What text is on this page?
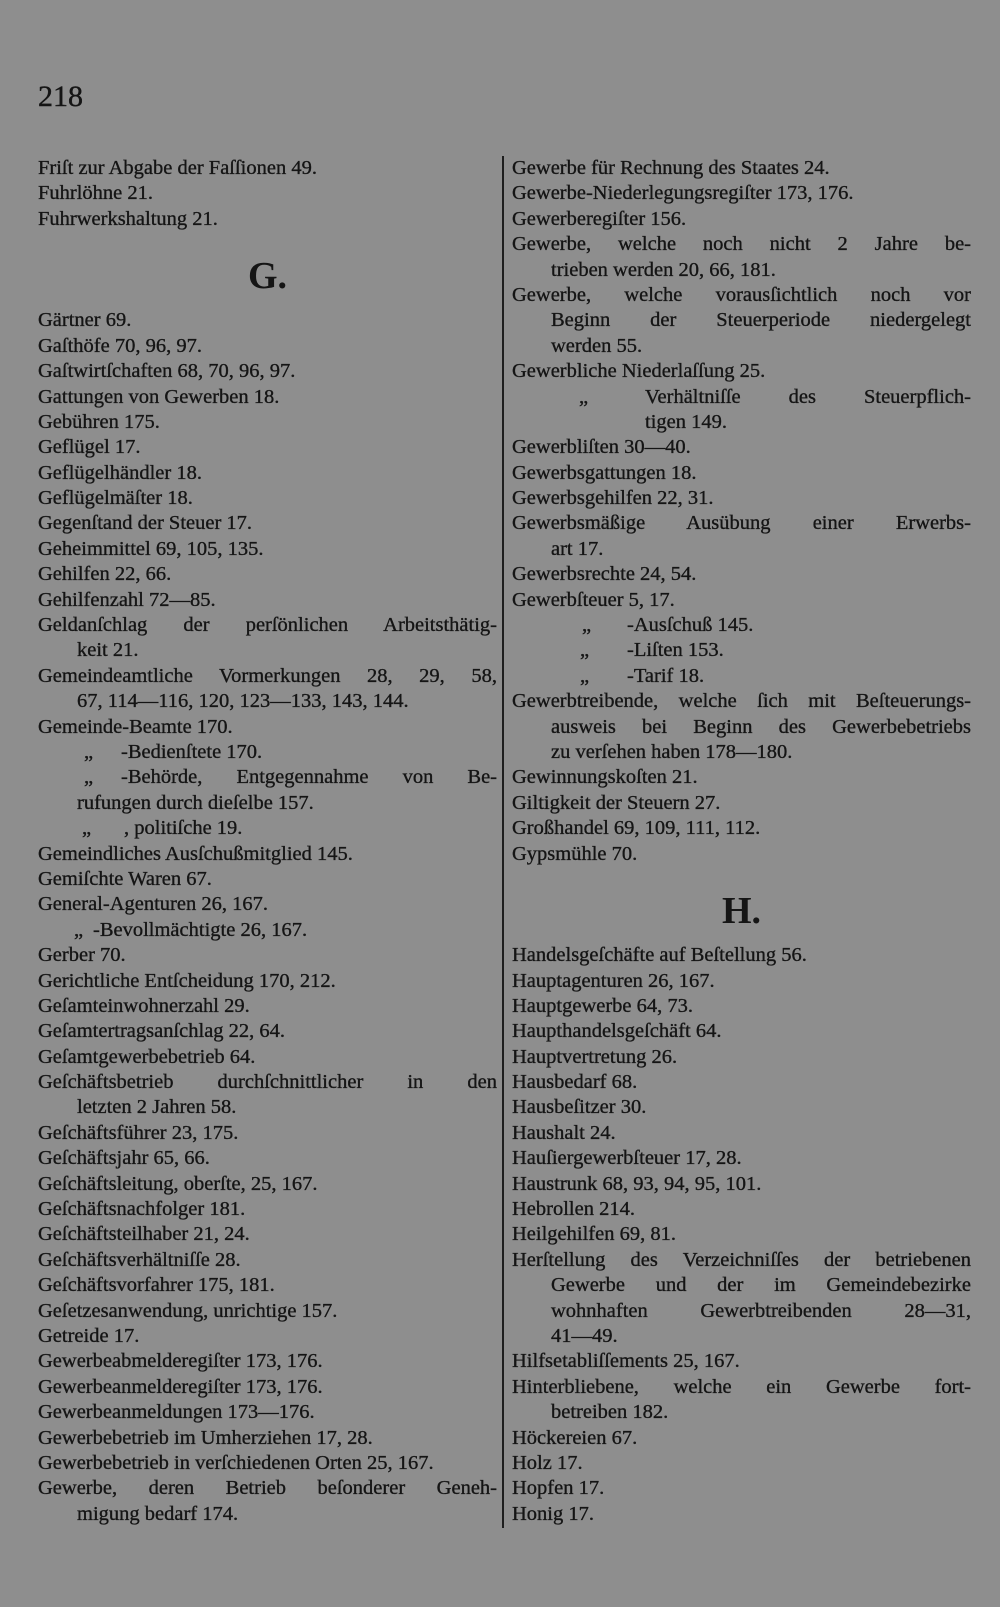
218
Friſt zur Abgabe der Faſſionen 49.
Fuhrlöhne 21.
Fuhrwerkshaltung 21.
G.
Gärtner 69.
Gaſthöfe 70, 96, 97.
Gaſtwirtſchaften 68, 70, 96, 97.
Gattungen von Gewerben 18.
Gebühren 175.
Geflügel 17.
Geflügelhändler 18.
Geflügelmäſter 18.
Gegenſtand der Steuer 17.
Geheimmittel 69, 105, 135.
Gehilfen 22, 66.
Gehilfenzahl 72—85.
Geldanſchlag der perſönlichen Arbeitsthätig-
keit 21.
Gemeindeamtliche Vormerkungen 28, 29, 58,
67, 114—116, 120, 123—133, 143, 144.
Gemeinde-Beamte 170.
„ -Bedienſtete 170.
„ -Behörde, Entgegennahme von Be-
rufungen durch dieſelbe 157.
„ , politiſche 19.
Gemeindliches Ausſchußmitglied 145.
Gemiſchte Waren 67.
General-Agenturen 26, 167.
„ -Bevollmächtigte 26, 167.
Gerber 70.
Gerichtliche Entſcheidung 170, 212.
Geſamteinwohnerzahl 29.
Geſamtertragsanſchlag 22, 64.
Geſamtgewerbebetrieb 64.
Geſchäftsbetrieb durchſchnittlicher in den
letzten 2 Jahren 58.
Geſchäftsführer 23, 175.
Geſchäftsjahr 65, 66.
Geſchäftsleitung, oberſte, 25, 167.
Geſchäftsnachfolger 181.
Geſchäftsteilhaber 21, 24.
Geſchäftsverhältniſſe 28.
Geſchäftsvorfahrer 175, 181.
Geſetzesanwendung, unrichtige 157.
Getreide 17.
Gewerbeabmelderegiſter 173, 176.
Gewerbeanmelderegiſter 173, 176.
Gewerbeanmeldungen 173—176.
Gewerbebetrieb im Umherziehen 17, 28.
Gewerbebetrieb in verſchiedenen Orten 25, 167.
Gewerbe, deren Betrieb beſonderer Geneh-
migung bedarf 174.
Gewerbe für Rechnung des Staates 24.
Gewerbe-Niederlegungsregiſter 173, 176.
Gewerberegiſter 156.
Gewerbe, welche noch nicht 2 Jahre be-
trieben werden 20, 66, 181.
Gewerbe, welche vorausſichtlich noch vor
Beginn der Steuerperiode niedergelegt
werden 55.
Gewerbliche Niederlaſſung 25.
„	Verhältniſſe des Steuerpflich-
tigen 149.
Gewerbliſten 30—40.
Gewerbsgattungen 18.
Gewerbsgehilfen 22, 31.
Gewerbsmäßige Ausübung einer Erwerbs-
art 17.
Gewerbsrechte 24, 54.
Gewerbſteuer 5, 17.
„ -Ausſchuß 145.
„ -Liſten 153.
„ -Tarif 18.
Gewerbtreibende, welche ſich mit Beſteuerungs-
ausweis bei Beginn des Gewerbebetriebs
zu verſehen haben 178—180.
Gewinnungskoſten 21.
Giltigkeit der Steuern 27.
Großhandel 69, 109, 111, 112.
Gypsmühle 70.
H.
Handelsgeſchäfte auf Beſtellung 56.
Hauptagenturen 26, 167.
Hauptgewerbe 64, 73.
Haupthandelsgeſchäft 64.
Hauptvertretung 26.
Hausbedarf 68.
Hausbeſitzer 30.
Haushalt 24.
Hauſiergewerbſteuer 17, 28.
Haustrunk 68, 93, 94, 95, 101.
Hebrollen 214.
Heilgehilfen 69, 81.
Herſtellung des Verzeichniſſes der betriebenen
Gewerbe und der im Gemeindebezirke
wohnhaften Gewerbtreibenden 28—31,
41—49.
Hilfsetabliſſements 25, 167.
Hinterbliebene, welche ein Gewerbe fort-
betreiben 182.
Höckereien 67.
Holz 17.
Hopfen 17.
Honig 17.
